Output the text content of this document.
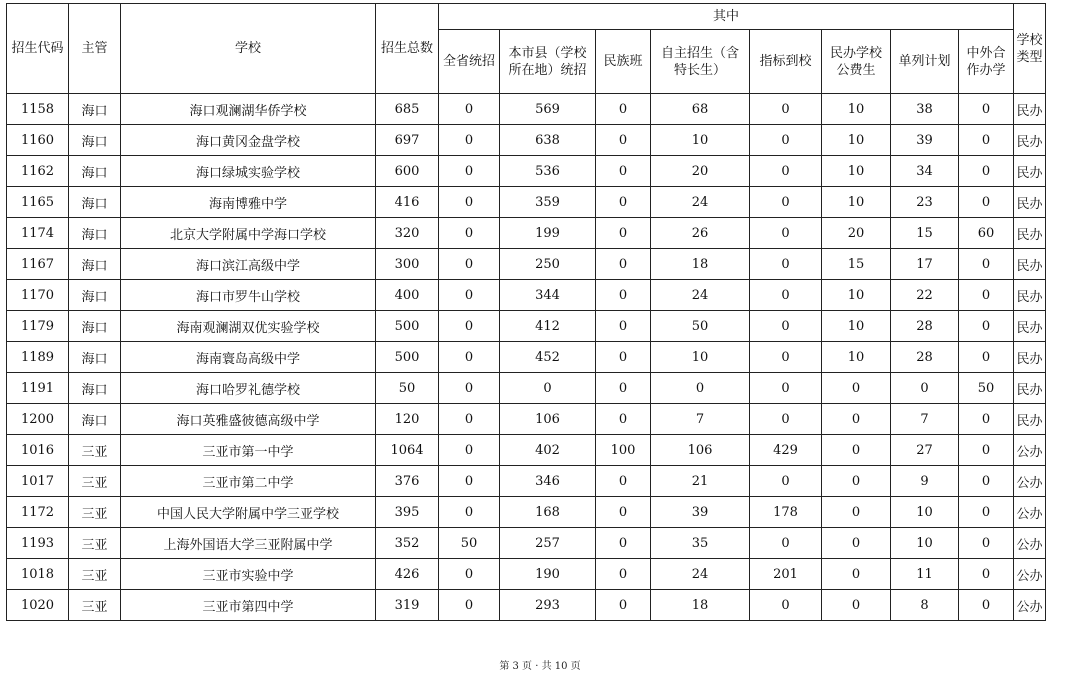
招生代码	主管	学校	招生总数	其中								学校类型
				全省统招	本市县（学校所在地）统招	民族班	自主招生（含特长生）	指标到校	民办学校公费生	单列计划	中外合作办学	
1158	海口	海口观澜湖华侨学校	685	0	569	0	68	0	10	38	0	民办
1160	海口	海口黄冈金盘学校	697	0	638	0	10	0	10	39	0	民办
1162	海口	海口绿城实验学校	600	0	536	0	20	0	10	34	0	民办
1165	海口	海南博雅中学	416	0	359	0	24	0	10	23	0	民办
1174	海口	北京大学附属中学海口学校	320	0	199	0	26	0	20	15	60	民办
1167	海口	海口滨江高级中学	300	0	250	0	18	0	15	17	0	民办
1170	海口	海口市罗牛山学校	400	0	344	0	24	0	10	22	0	民办
1179	海口	海南观澜湖双优实验学校	500	0	412	0	50	0	10	28	0	民办
1189	海口	海南寰岛高级中学	500	0	452	0	10	0	10	28	0	民办
1191	海口	海口哈罗礼德学校	50	0	0	0	0	0	0	0	50	民办
1200	海口	海口英雅盛彼德高级中学	120	0	106	0	7	0	0	7	0	民办
1016	三亚	三亚市第一中学	1064	0	402	100	106	429	0	27	0	公办
1017	三亚	三亚市第二中学	376	0	346	0	21	0	0	9	0	公办
1172	三亚	中国人民大学附属中学三亚学校	395	0	168	0	39	178	0	10	0	公办
1193	三亚	上海外国语大学三亚附属中学	352	50	257	0	35	0	0	10	0	公办
1018	三亚	三亚市实验中学	426	0	190	0	24	201	0	11	0	公办
1020	三亚	三亚市第四中学	319	0	293	0	18	0	0	8	0	公办
第 3 页 · 共 10 页
